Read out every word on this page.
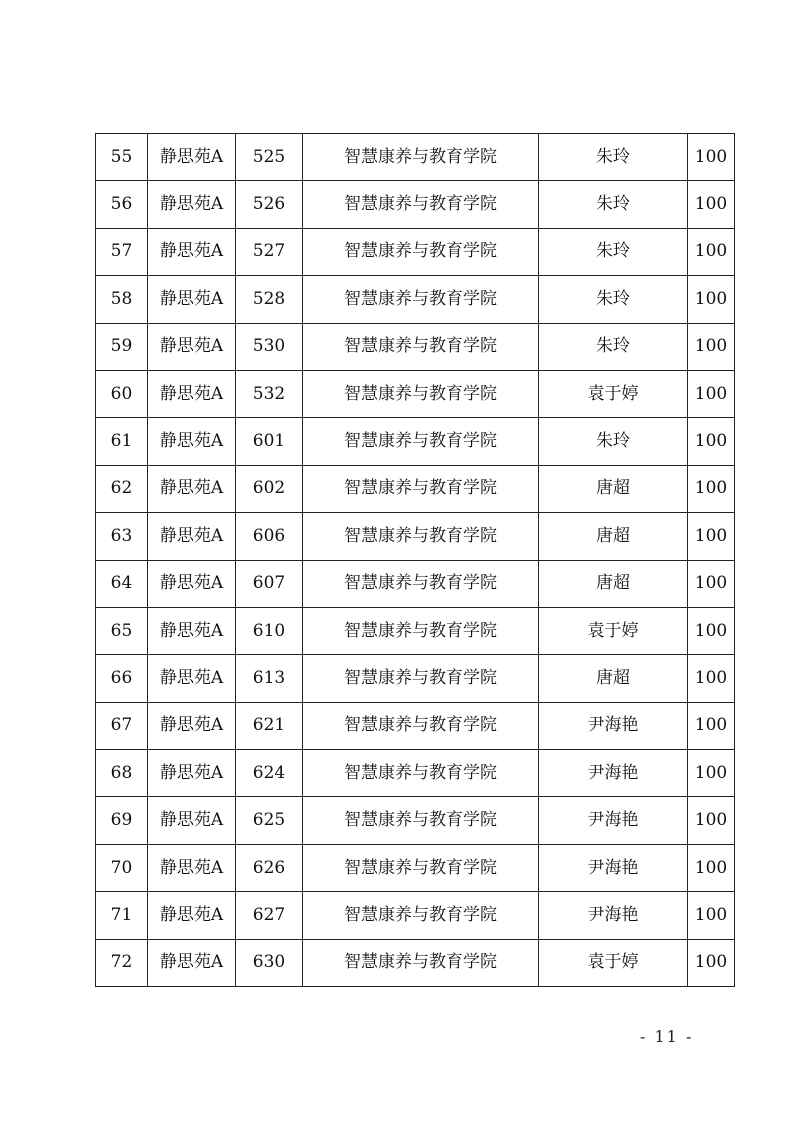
55	静思苑A	525	智慧康养与教育学院	朱玲	100
56	静思苑A	526	智慧康养与教育学院	朱玲	100
57	静思苑A	527	智慧康养与教育学院	朱玲	100
58	静思苑A	528	智慧康养与教育学院	朱玲	100
59	静思苑A	530	智慧康养与教育学院	朱玲	100
60	静思苑A	532	智慧康养与教育学院	袁于婷	100
61	静思苑A	601	智慧康养与教育学院	朱玲	100
62	静思苑A	602	智慧康养与教育学院	唐超	100
63	静思苑A	606	智慧康养与教育学院	唐超	100
64	静思苑A	607	智慧康养与教育学院	唐超	100
65	静思苑A	610	智慧康养与教育学院	袁于婷	100
66	静思苑A	613	智慧康养与教育学院	唐超	100
67	静思苑A	621	智慧康养与教育学院	尹海艳	100
68	静思苑A	624	智慧康养与教育学院	尹海艳	100
69	静思苑A	625	智慧康养与教育学院	尹海艳	100
70	静思苑A	626	智慧康养与教育学院	尹海艳	100
71	静思苑A	627	智慧康养与教育学院	尹海艳	100
72	静思苑A	630	智慧康养与教育学院	袁于婷	100
- 11 -
